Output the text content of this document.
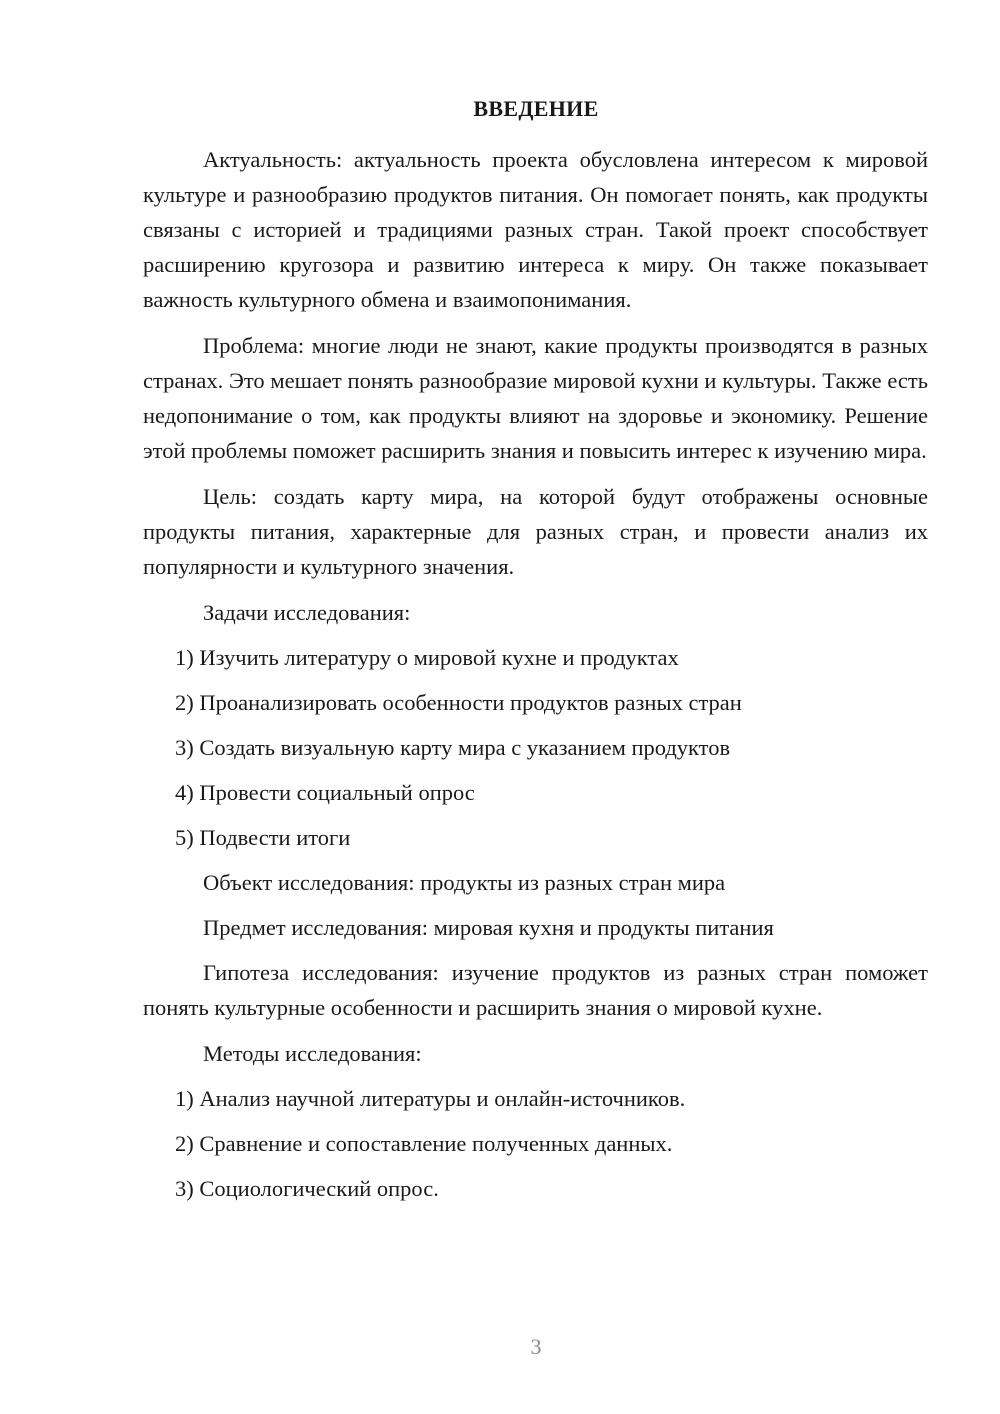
ВВЕДЕНИЕ

Актуальность: актуальность проекта обусловлена интересом к мировой культуре и разнообразию продуктов питания. Он помогает понять, как продукты связаны с историей и традициями разных стран. Такой проект способствует расширению кругозора и развитию интереса к миру. Он также показывает важность культурного обмена и взаимопонимания.

Проблема: многие люди не знают, какие продукты производятся в разных странах. Это мешает понять разнообразие мировой кухни и культуры. Также есть недопонимание о том, как продукты влияют на здоровье и экономику. Решение этой проблемы поможет расширить знания и повысить интерес к изучению мира.

Цель: создать карту мира, на которой будут отображены основные продукты питания, характерные для разных стран, и провести анализ их популярности и культурного значения.

Задачи исследования:

1) Изучить литературу о мировой кухне и продуктах

2) Проанализировать особенности продуктов разных стран

3) Создать визуальную карту мира с указанием продуктов

4) Провести социальный опрос

5) Подвести итоги

Объект исследования: продукты из разных стран мира

Предмет исследования: мировая кухня и продукты питания

Гипотеза исследования: изучение продуктов из разных стран поможет понять культурные особенности и расширить знания о мировой кухне.

Методы исследования:

1) Анализ научной литературы и онлайн-источников.

2) Сравнение и сопоставление полученных данных.

3) Социологический опрос.

3
